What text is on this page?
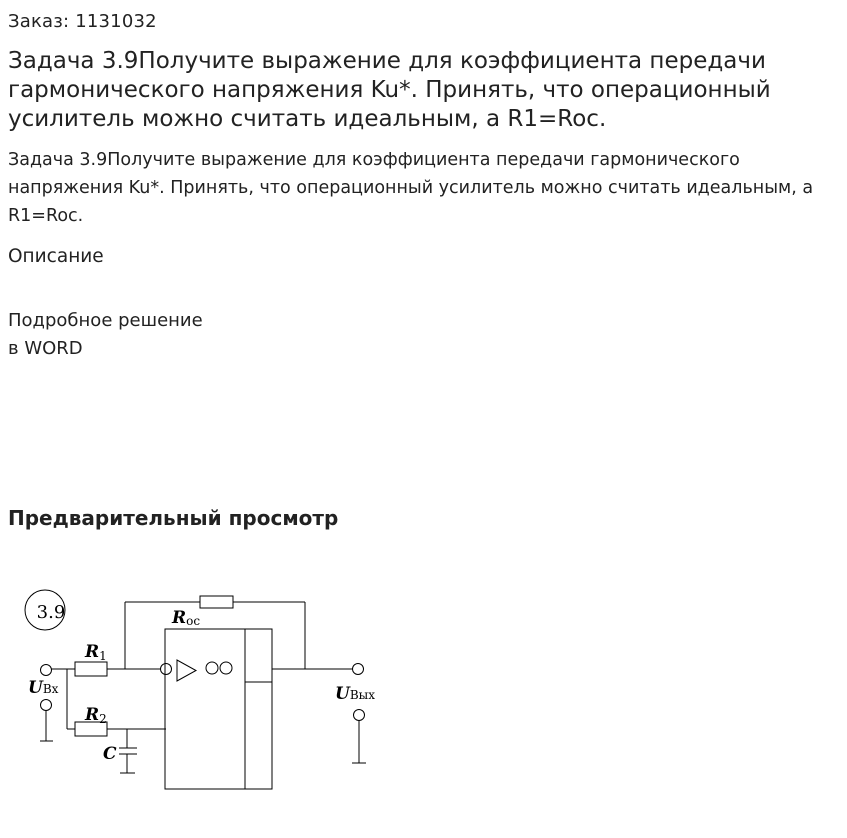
Заказ: 1131032
Задача 3.9Получите выражение для коэффициента передачи гармонического напряжения Ku*. Принять, что операционный усилитель можно считать идеальным, а R1=Roc.

Задача 3.9Получите выражение для коэффициента передачи гармонического напряжения Ku*. Принять, что операционный усилитель можно считать идеальным, а R1=Roc.

Описание
Подробное решение
в WORD
Предварительный просмотр
3.9	Rос
R1
R2
C
UВх	UВых
